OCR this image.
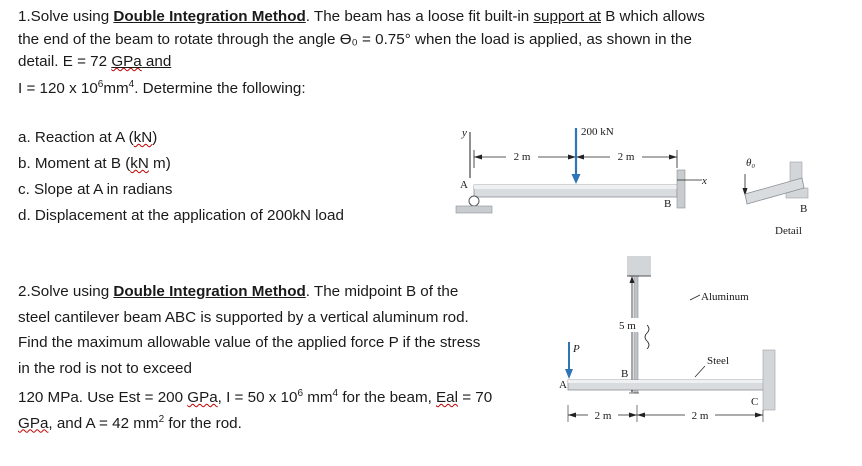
1.Solve using Double Integration Method. The beam has a loose fit built-in support at B which allows
the end of the beam to rotate through the angle ϴ₀ = 0.75° when the load is applied, as shown in the
detail. E = 72 GPa and
I = 120 x $10^6mm^4$. Determine the following:
a. Reaction at A (kN)
b. Moment at B (kN m)
c. Slope at A in radians
d. Displacement at the application of 200kN load
y
2 m	2 m
200 kN
A
B
x
θ₀
B
Detail
2.Solve using Double Integration Method. The midpoint B of the
steel cantilever beam ABC is supported by a vertical aluminum rod.
Find the maximum allowable value of the applied force P if the stress
in the rod is not to exceed
120 MPa. Use Est = 200 GPa, I = 50 x $10^6$ $mm^4$ for the beam, Eal = 70
GPa, and A = 42 $mm^2$ for the rod.
5 m
Aluminum
Steel
P
A
B
C
2 m	2 m
